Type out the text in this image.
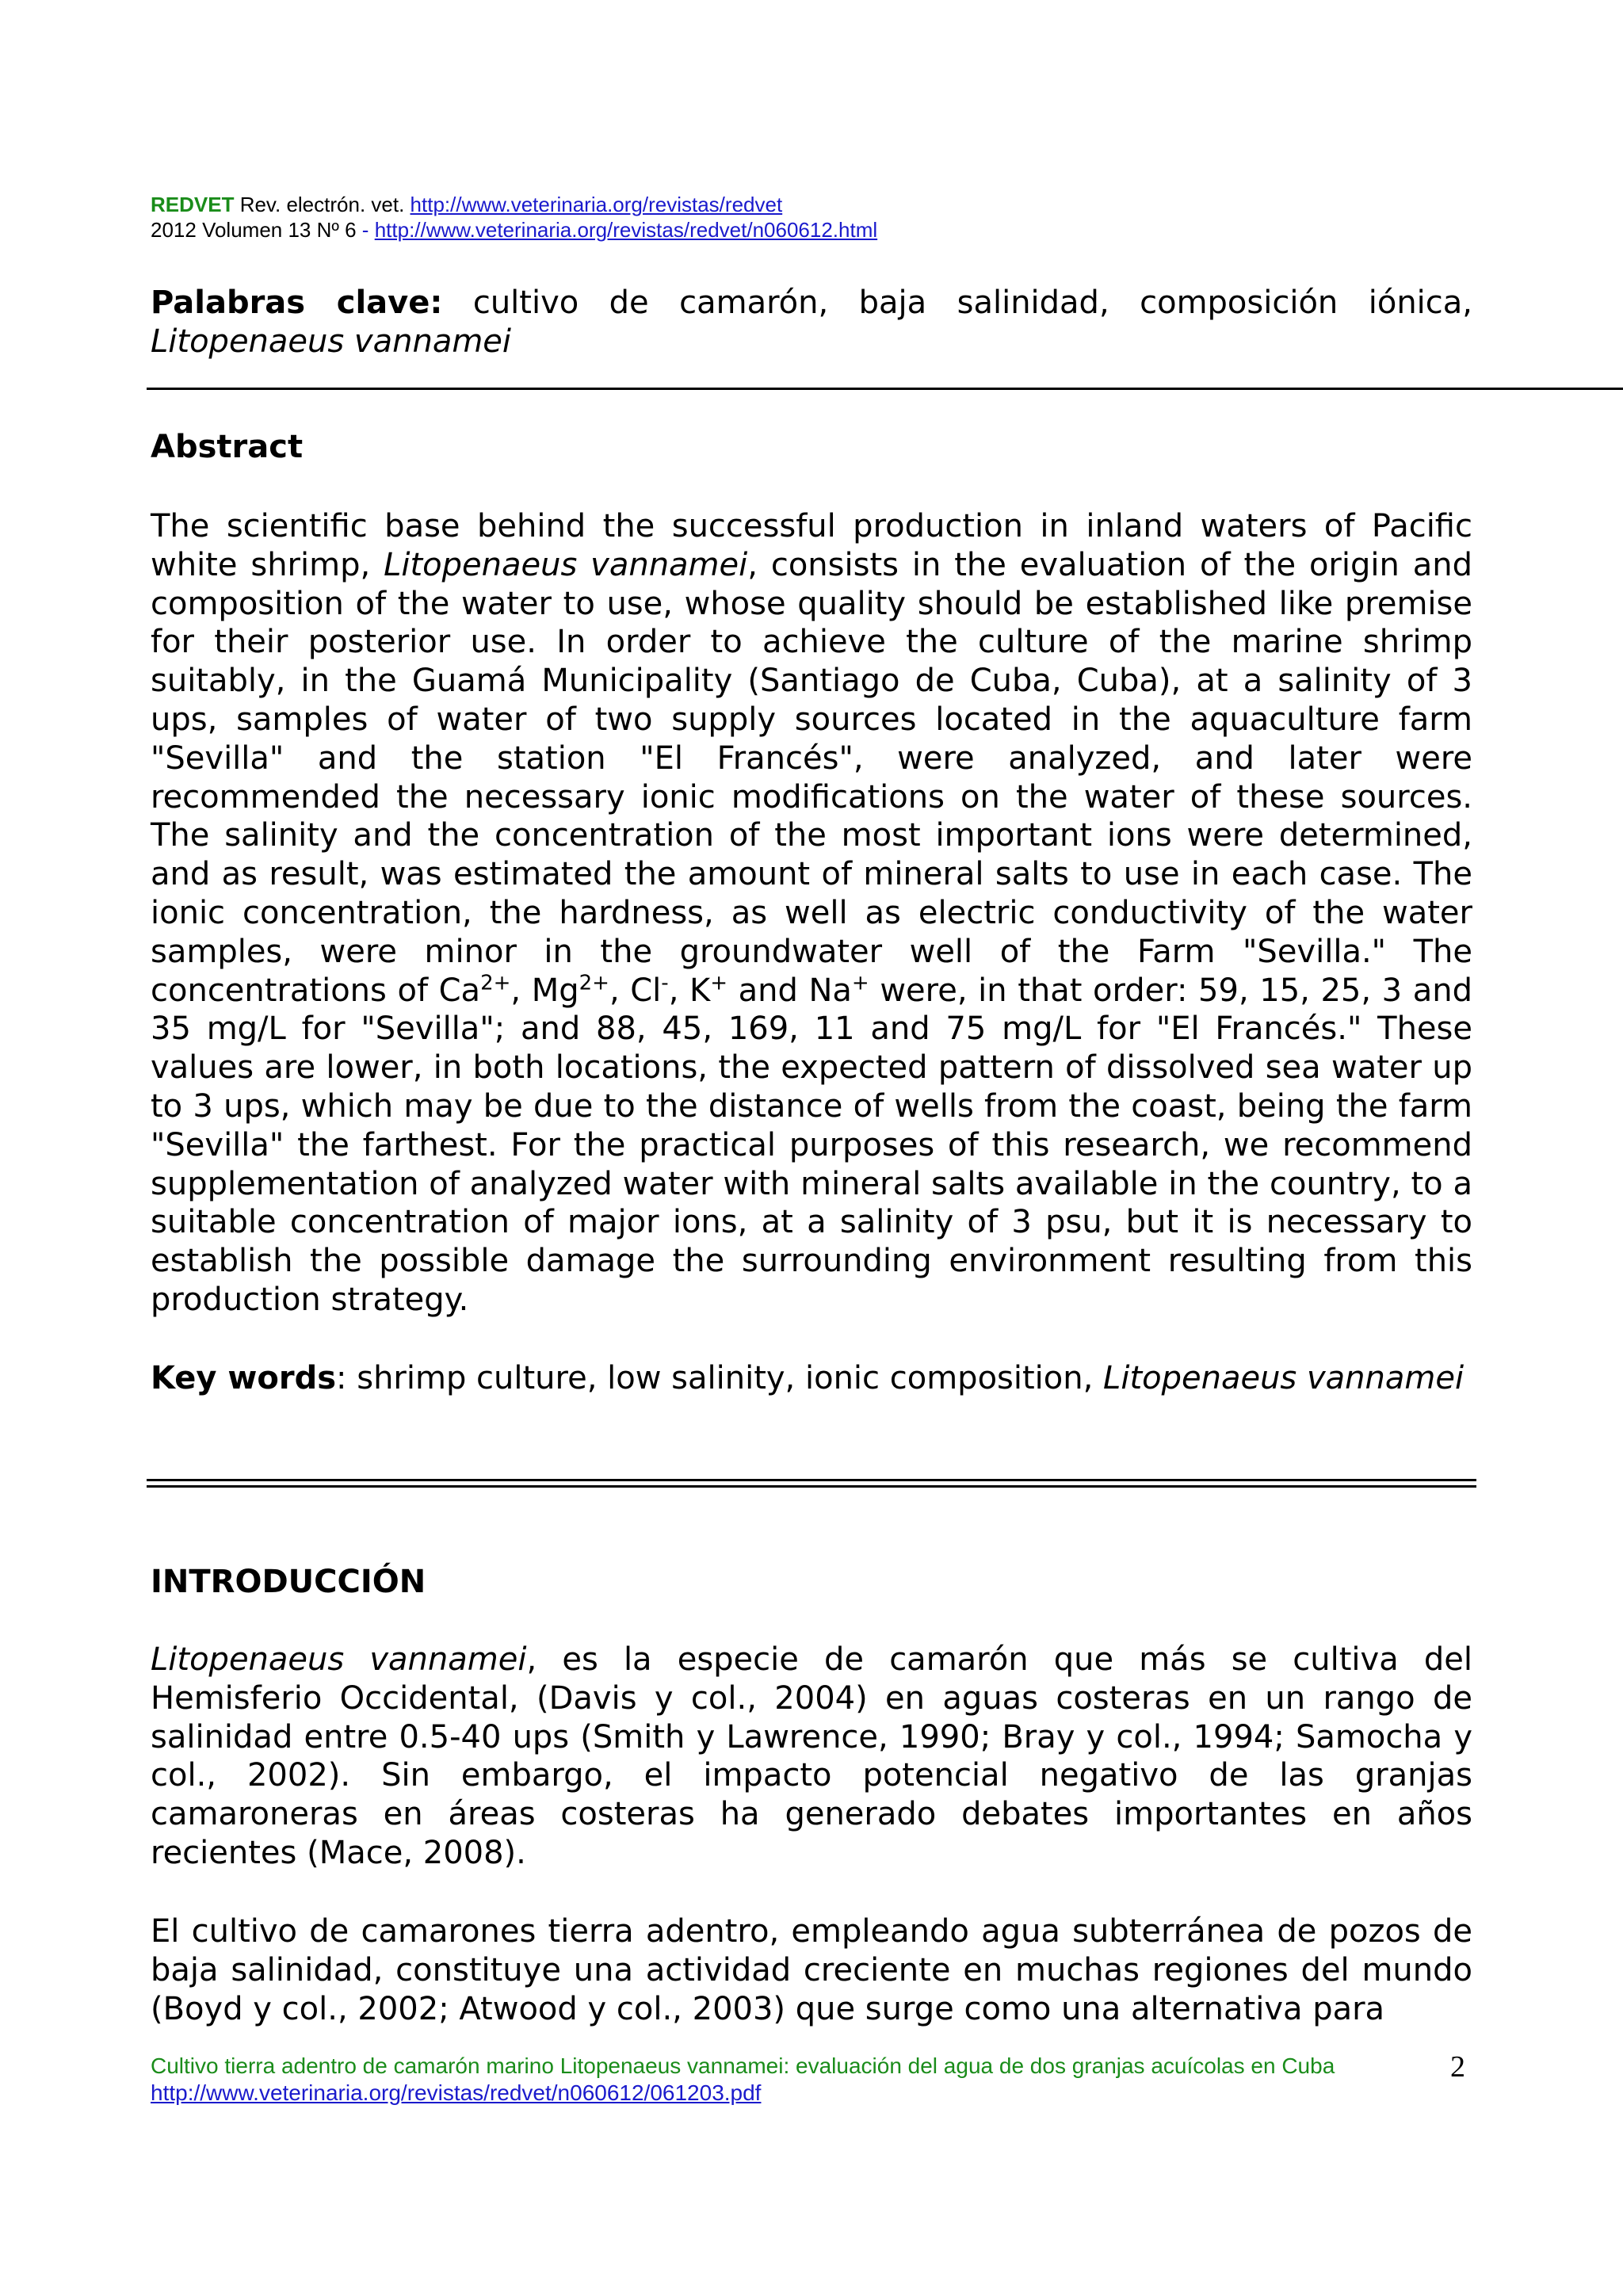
REDVET Rev. electrón. vet. http://www.veterinaria.org/revistas/redvet
2012 Volumen 13 Nº 6 - http://www.veterinaria.org/revistas/redvet/n060612.html

Palabras clave: cultivo de camarón, baja salinidad, composición iónica, Litopenaeus vannamei

Abstract

The scientific base behind the successful production in inland waters of Pacific white shrimp, Litopenaeus vannamei, consists in the evaluation of the origin and composition of the water to use, whose quality should be established like premise for their posterior use. In order to achieve the culture of the marine shrimp suitably, in the Guamá Municipality (Santiago de Cuba, Cuba), at a salinity of 3 ups, samples of water of two supply sources located in the aquaculture farm "Sevilla" and the station "El Francés", were analyzed, and later were recommended the necessary ionic modifications on the water of these sources. The salinity and the concentration of the most important ions were determined, and as result, was estimated the amount of mineral salts to use in each case. The ionic concentration, the hardness, as well as electric conductivity of the water samples, were minor in the groundwater well of the Farm "Sevilla." The concentrations of $Ca^{2+}$, $Mg^{2+}$, Cl-, K+ and Na+ were, in that order: 59, 15, 25, 3 and 35 mg/L for "Sevilla"; and 88, 45, 169, 11 and 75 mg/L for "El Francés." These values are lower, in both locations, the expected pattern of dissolved sea water up to 3 ups, which may be due to the distance of wells from the coast, being the farm "Sevilla" the farthest. For the practical purposes of this research, we recommend supplementation of analyzed water with mineral salts available in the country, to a suitable concentration of major ions, at a salinity of 3 psu, but it is necessary to establish the possible damage the surrounding environment resulting from this production strategy.

Key words: shrimp culture, low salinity, ionic composition, Litopenaeus vannamei

INTRODUCCIÓN

Litopenaeus vannamei, es la especie de camarón que más se cultiva del Hemisferio Occidental, (Davis y col., 2004) en aguas costeras en un rango de salinidad entre 0.5-40 ups (Smith y Lawrence, 1990; Bray y col., 1994; Samocha y col., 2002). Sin embargo, el impacto potencial negativo de las granjas camaroneras en áreas costeras ha generado debates importantes en años recientes (Mace, 2008).

El cultivo de camarones tierra adentro, empleando agua subterránea de pozos de baja salinidad, constituye una actividad creciente en muchas regiones del mundo (Boyd y col., 2002; Atwood y col., 2003) que surge como una alternativa para

Cultivo tierra adentro de camarón marino Litopenaeus vannamei: evaluación del agua de dos granjas acuícolas en Cuba
http://www.veterinaria.org/revistas/redvet/n060612/061203.pdf
2
